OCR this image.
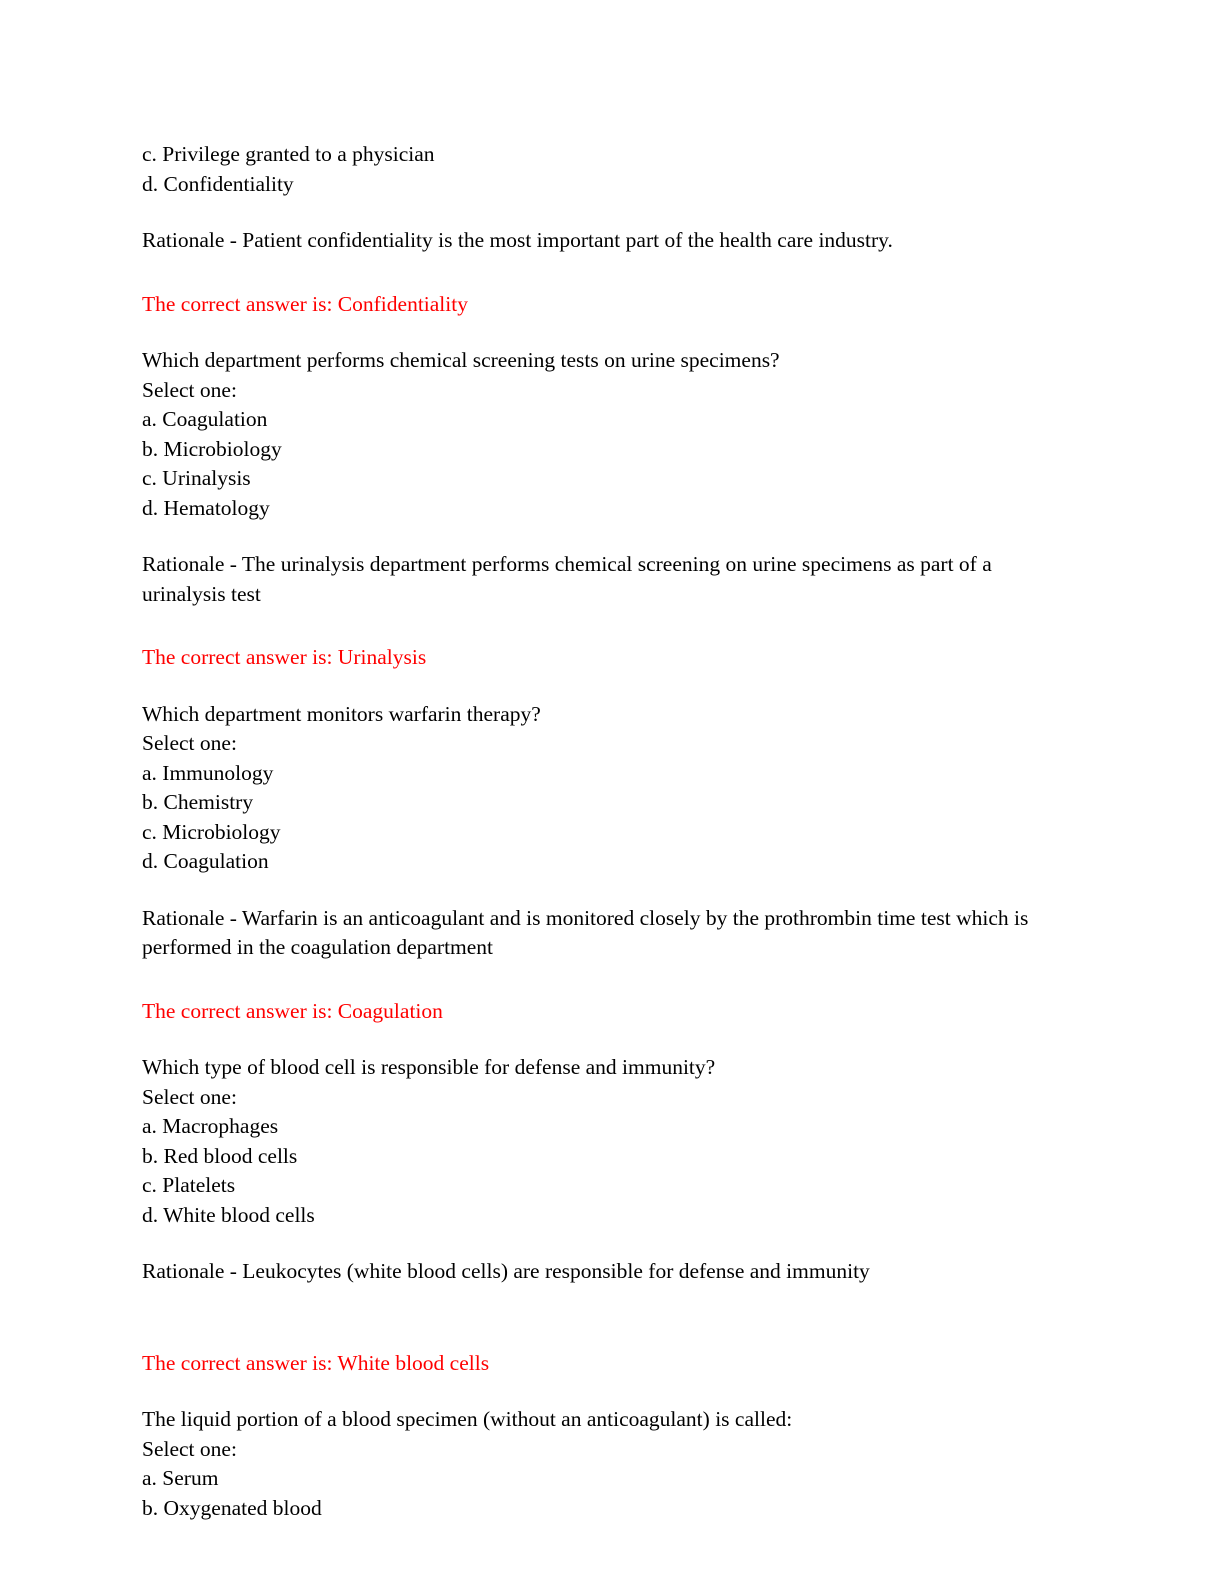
c. Privilege granted to a physician
d. Confidentiality
Rationale - Patient confidentiality is the most important part of the health care industry.
The correct answer is: Confidentiality
Which department performs chemical screening tests on urine specimens?
Select one:
a. Coagulation
b. Microbiology
c. Urinalysis
d. Hematology
Rationale - The urinalysis department performs chemical screening on urine specimens as part of a urinalysis test
The correct answer is: Urinalysis
Which department monitors warfarin therapy?
Select one:
a. Immunology
b. Chemistry
c. Microbiology
d. Coagulation
Rationale - Warfarin is an anticoagulant and is monitored closely by the prothrombin time test which is performed in the coagulation department
The correct answer is: Coagulation
Which type of blood cell is responsible for defense and immunity?
Select one:
a. Macrophages
b. Red blood cells
c. Platelets
d. White blood cells
Rationale - Leukocytes (white blood cells) are responsible for defense and immunity
The correct answer is: White blood cells
The liquid portion of a blood specimen (without an anticoagulant) is called:
Select one:
a. Serum
b. Oxygenated blood
